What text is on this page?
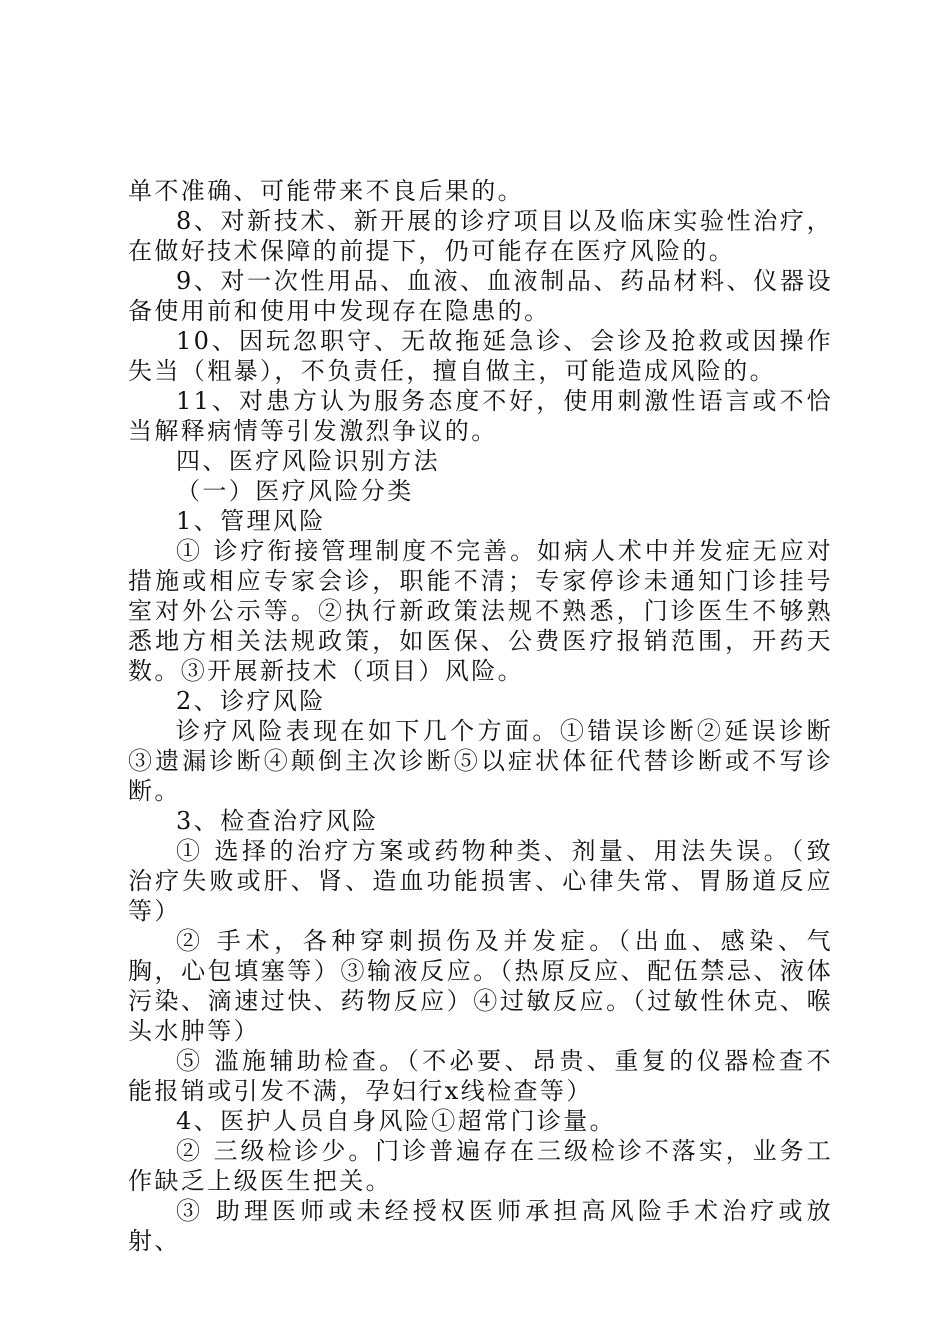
单不准确、可能带来不良后果的。

8、对新技术、新开展的诊疗项目以及临床实验性治疗，在做好技术保障的前提下，仍可能存在医疗风险的。

9、对一次性用品、血液、血液制品、药品材料、仪器设备使用前和使用中发现存在隐患的。

10、因玩忽职守、无故拖延急诊、会诊及抢救或因操作失当（粗暴），不负责任，擅自做主，可能造成风险的。

11、对患方认为服务态度不好，使用刺激性语言或不恰当解释病情等引发激烈争议的。

四、医疗风险识别方法

（一）医疗风险分类

1、管理风险

① 诊疗衔接管理制度不完善。如病人术中并发症无应对措施或相应专家会诊，职能不清；专家停诊未通知门诊挂号室对外公示等。②执行新政策法规不熟悉，门诊医生不够熟悉地方相关法规政策，如医保、公费医疗报销范围，开药天数。③开展新技术（项目）风险。

2、诊疗风险

诊疗风险表现在如下几个方面。①错误诊断②延误诊断③遗漏诊断④颠倒主次诊断⑤以症状体征代替诊断或不写诊断。

3、检查治疗风险

① 选择的治疗方案或药物种类、剂量、用法失误。（致治疗失败或肝、肾、造血功能损害、心律失常、胃肠道反应等）

② 手术，各种穿刺损伤及并发症。（出血、感染、气胸，心包填塞等）③输液反应。（热原反应、配伍禁忌、液体污染、滴速过快、药物反应）④过敏反应。（过敏性休克、喉头水肿等）

⑤ 滥施辅助检查。（不必要、昂贵、重复的仪器检查不能报销或引发不满，孕妇行x线检查等）

4、医护人员自身风险①超常门诊量。

② 三级检诊少。门诊普遍存在三级检诊不落实，业务工作缺乏上级医生把关。

③ 助理医师或未经授权医师承担高风险手术治疗或放射、
